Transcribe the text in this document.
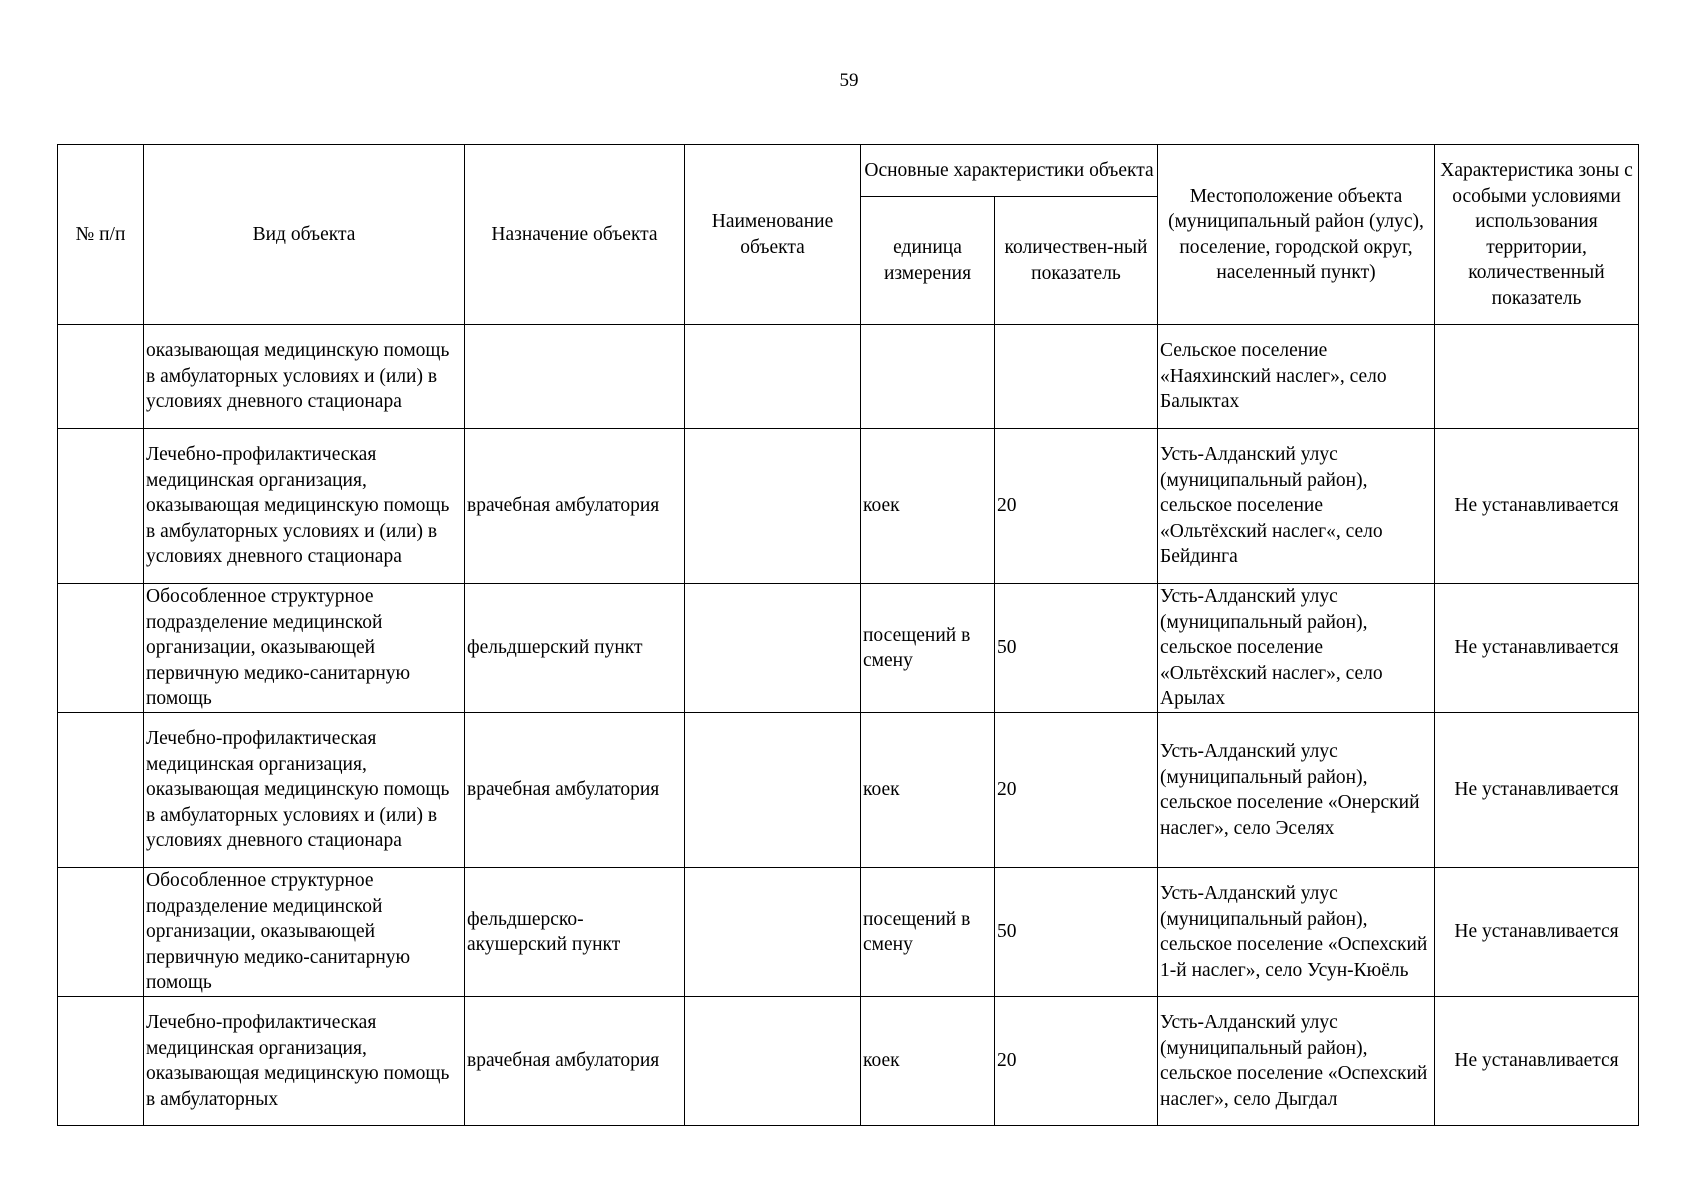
59
№ п/п	Вид объекта	Назначение объекта	Наименование объекта	Основные характеристики объекта		Местоположение объекта (муниципальный район (улус), поселение, городской округ, населенный пункт)	Характеристика зоны с особыми условиями использования территории, количественный показатель
				единица измерения	количествен-ный показатель		
	оказывающая медицинскую помощь в амбулаторных условиях и (или) в условиях дневного стационара					Сельское поселение «Наяхинский наслег», село Балыктах	
	Лечебно-профилактическая медицинская организация, оказывающая медицинскую помощь в амбулаторных условиях и (или) в условиях дневного стационара	врачебная амбулатория		коек	20	Усть-Алданский улус (муниципальный район), сельское поселение «Ольтёхский наслег«, село Бейдинга	Не устанавливается
	Обособленное структурное подразделение медицинской организации, оказывающей первичную медико-санитарную помощь	фельдшерский пункт		посещений в смену	50	Усть-Алданский улус (муниципальный район), сельское поселение «Ольтёхский наслег», село Арылах	Не устанавливается
	Лечебно-профилактическая медицинская организация, оказывающая медицинскую помощь в амбулаторных условиях и (или) в условиях дневного стационара	врачебная амбулатория		коек	20	Усть-Алданский улус (муниципальный район), сельское поселение «Онерский наслег», село Эселях	Не устанавливается
	Обособленное структурное подразделение медицинской организации, оказывающей первичную медико-санитарную помощь	фельдшерско-акушерский пункт		посещений в смену	50	Усть-Алданский улус (муниципальный район), сельское поселение «Оспехский 1-й наслег», село Усун-Кюёль	Не устанавливается
	Лечебно-профилактическая медицинская организация, оказывающая медицинскую помощь в амбулаторных	врачебная амбулатория		коек	20	Усть-Алданский улус (муниципальный район), сельское поселение «Оспехский наслег», село Дыгдал	Не устанавливается
